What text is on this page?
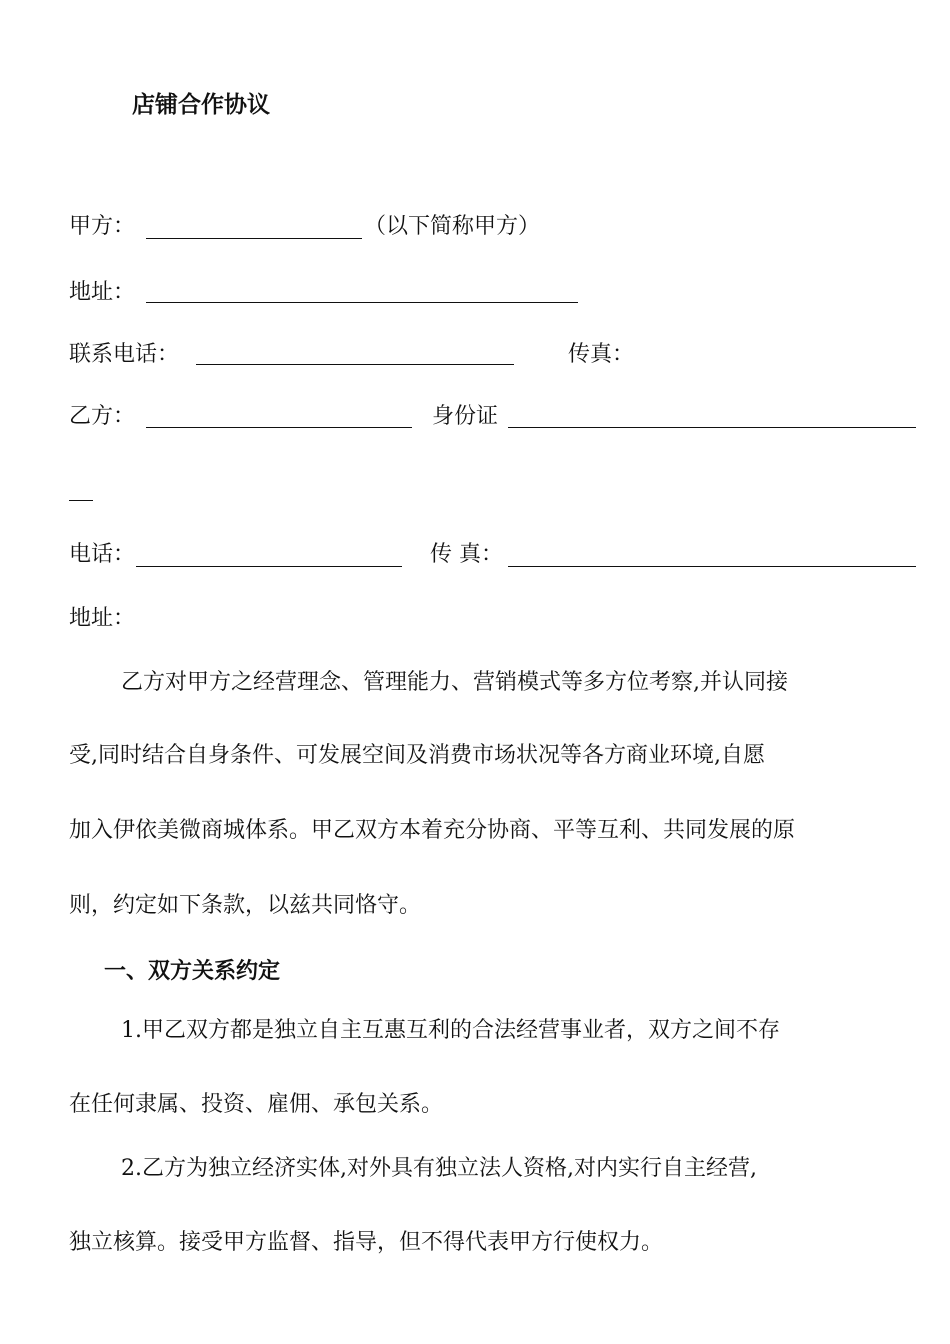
店铺合作协议
甲方：	（以下简称甲方）
地址：
联系电话：	传真：
乙方：	身份证
电话：	传 真：
地址：
乙方对甲方之经营理念、管理能力、营销模式等多方位考察,并认同接
受,同时结合自身条件、可发展空间及消费市场状况等各方商业环境,自愿
加入伊依美微商城体系。甲乙双方本着充分协商、平等互利、共同发展的原
则，约定如下条款，以兹共同恪守。
一、双方关系约定
1.甲乙双方都是独立自主互惠互利的合法经营事业者，双方之间不存
在任何隶属、投资、雇佣、承包关系。
2.乙方为独立经济实体,对外具有独立法人资格,对内实行自主经营,
独立核算。接受甲方监督、指导，但不得代表甲方行使权力。
